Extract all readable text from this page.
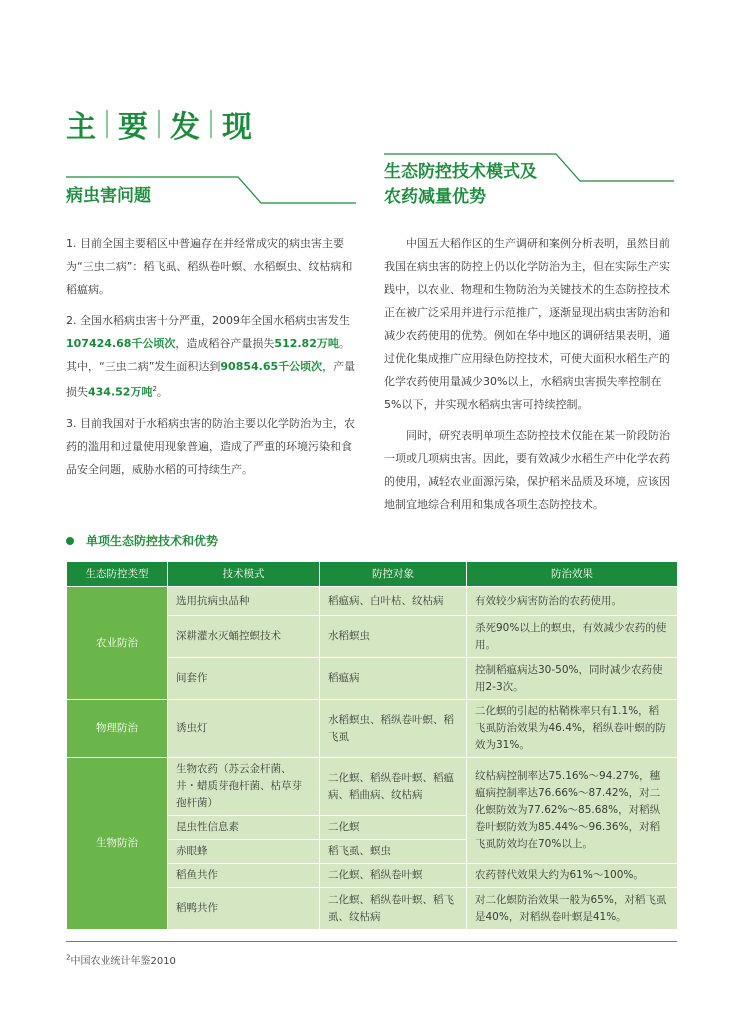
主 要 发 现
病虫害问题

1. 目前全国主要稻区中普遍存在并经常成灾的病虫害主要为“三虫二病”：稻飞虱、稻纵卷叶螟、水稻螟虫、纹枯病和稻瘟病。

2. 全国水稻病虫害十分严重，2009年全国水稻病虫害发生107424.68千公顷次，造成稻谷产量损失512.82万吨。其中，“三虫二病”发生面积达到90854.65千公顷次，产量损失434.52万吨$^2$。

3. 目前我国对于水稻病虫害的防治主要以化学防治为主，农药的滥用和过量使用现象普遍，造成了严重的环境污染和食品安全问题，威胁水稻的可持续生产。

生态防控技术模式及
农药减量优势

中国五大稻作区的生产调研和案例分析表明，虽然目前我国在病虫害的防控上仍以化学防治为主，但在实际生产实践中，以农业、物理和生物防治为关键技术的生态防控技术正在被广泛采用并进行示范推广，逐渐显现出病虫害防治和减少农药使用的优势。例如在华中地区的调研结果表明，通过优化集成推广应用绿色防控技术，可使大面积水稻生产的化学农药使用量减少30%以上，水稻病虫害损失率控制在5%以下，并实现水稻病虫害可持续控制。

同时，研究表明单项生态防控技术仅能在某一阶段防治一项或几项病虫害。因此，要有效减少水稻生产中化学农药的使用，减轻农业面源污染，保护稻米品质及环境，应该因地制宜地综合利用和集成各项生态防控技术。

单项生态防控技术和优势
生态防控类型	技术模式	防控对象	防治效果
农业防治	选用抗病虫品种	稻瘟病、白叶枯、纹枯病	有效较少病害防治的农药使用。
	深耕灌水灭蛹控螟技术	水稻螟虫	杀死90%以上的螟虫，有效减少农药的使用。
	间套作	稻瘟病	控制稻瘟病达30-50%，同时减少农药使用2-3次。
物理防治	诱虫灯	水稻螟虫、稻纵卷叶螟、稻飞虱	二化螟的引起的枯鞘株率只有1.1%，稻飞虱防治效果为46.4%，稻纵卷叶螟的防效为31%。
生物防治	生物农药（苏云金杆菌、井・蜡质芽孢杆菌、枯草芽孢杆菌）	二化螟、稻纵卷叶螟、稻瘟病、稻曲病、纹枯病	纹枯病控制率达75.16%～94.27%，穗瘟病控制率达76.66%～87.42%，对二化螟防效为77.62%～85.68%，对稻纵卷叶螟防效为85.44%～96.36%，对稻飞虱防效均在70%以上。
	昆虫性信息素	二化螟	
	赤眼蜂	稻飞虱、螟虫	
	稻鱼共作	二化螟、稻纵卷叶螟	农药替代效果大约为61%～100%。
	稻鸭共作	二化螟、稻纵卷叶螟、稻飞虱、纹枯病	对二化螟防治效果一般为65%，对稻飞虱是40%，对稻纵卷叶螟是41%。
$^2$中国农业统计年鉴2010
